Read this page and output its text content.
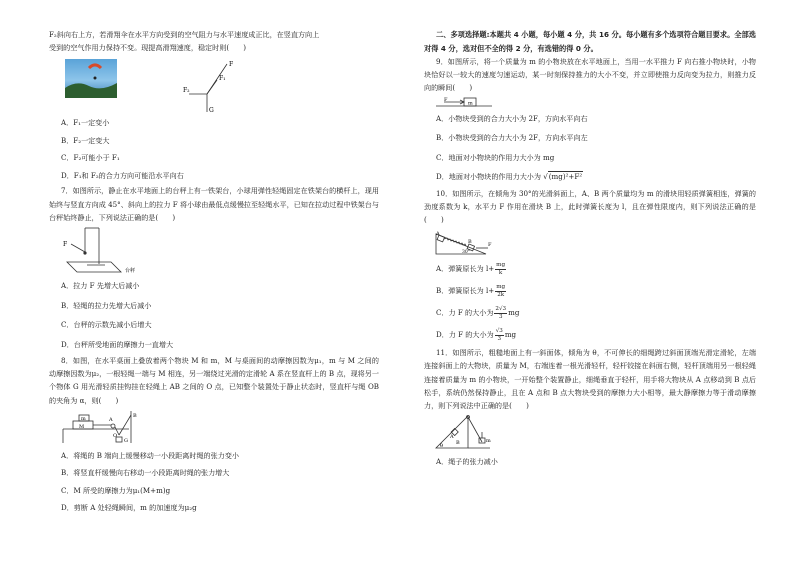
F₂斜向右上方，若滑翔伞在水平方向受到的空气阻力与水平速度成正比，在竖直方向上

受到的空气作用力保持不变。现提高滑翔速度，稳定时则(　　)

F
F₁
F₂
G

A．F₁一定变小

B．F₂一定变大

C．F₂可能小于 F₁

D．F₁和 F₂的合力方向可能沿水平向右

7．如图所示，静止在水平地面上的台秤上有一铁架台，小球用弹性轻绳固定在铁架台的横杆上，现用始终与竖直方向成 45°、斜向上的拉力 F 将小球由最低点缓慢拉至轻绳水平，已知在拉动过程中铁架台与台秤始终静止，下列说法正确的是(　　)

F
台秤

A．拉力 F 先增大后减小

B．轻绳的拉力先增大后减小

C．台秤的示数先减小后增大

D．台秤所受地面的摩擦力一直增大

8．如图，在水平桌面上叠放着两个物块 M 和 m，M 与桌面间的动摩擦因数为μ₁，m 与 M 之间的动摩擦因数为μ₂，一根轻绳一端与 M 相连，另一端绕过光滑的定滑轮 A 系在竖直杆上的 B 点，现将另一个物体 G 用光滑轻质挂钩挂在轻绳上 AB 之间的 O 点，已知整个装置处于静止状态时，竖直杆与绳 OB 的夹角为 α，则(　　)

m
M
A
O
G
B

A．将绳的 B 端向上缓慢移动一小段距离时绳的张力变小

B．将竖直杆缓慢向右移动一小段距离时绳的张力增大

C．M 所受的摩擦力为μ₁(M+m)g

D．剪断 A 处轻绳瞬间，m 的加速度为μ₂g

二、多项选择题:本题共 4 小题，每小题 4 分，共 16 分。每小题有多个选项符合题目要求。全部选对得 4 分，选对但不全的得 2 分，有选错的得 0 分。

9．如图所示，将一个质量为 m 的小物块放在水平地面上，当用一水平推力 F 向右推小物块时，小物块恰好以一较大的速度匀速运动，某一时刻保持推力的大小不变，并立即使推力反向变为拉力，则推力反向的瞬间(　　)

F
m

A．小物块受到的合力大小为 2F，方向水平向右

B．小物块受到的合力大小为 2F，方向水平向左

C．地面对小物块的作用力大小为 mg

D．地面对小物块的作用力大小为 √(mg)²+F²

10．如图所示，在倾角为 30°的光滑斜面上，A、B 两个质量均为 m 的滑块用轻质弹簧相连，弹簧的劲度系数为 k，水平力 F 作用在滑块 B 上，此时弹簧长度为 l，且在弹性限度内，则下列说法正确的是(　　)

A
B	F
30°

A．弹簧原长为 $l+ \frac{mg}{k}$

B．弹簧原长为 $l+ \frac{mg}{2k}$

C．力 F 的大小为 $\frac{2√3}{3}$ mg

D．力 F 的大小为 $\frac{√3}{3}$ mg

11．如图所示，粗糙地面上有一斜面体，倾角为 θ，不可伸长的细绳跨过斜面顶端光滑定滑轮，左端连接斜面上的大物块，质量为 M，右端连着一根光滑轻杆，轻杆铰接在斜面右侧，轻杆顶端用另一根轻绳连接着质量为 m 的小物块，一开始整个装置静止，细绳垂直于轻杆，用手将大物块从 A 点移动到 B 点后松手，系统仍然保持静止，且在 A 点和 B 点大物块受到的摩擦力大小相等，最大静摩擦力等于滑动摩擦力，则下列说法中正确的是(　　)

A
B
θ
m

A．绳子的张力减小
